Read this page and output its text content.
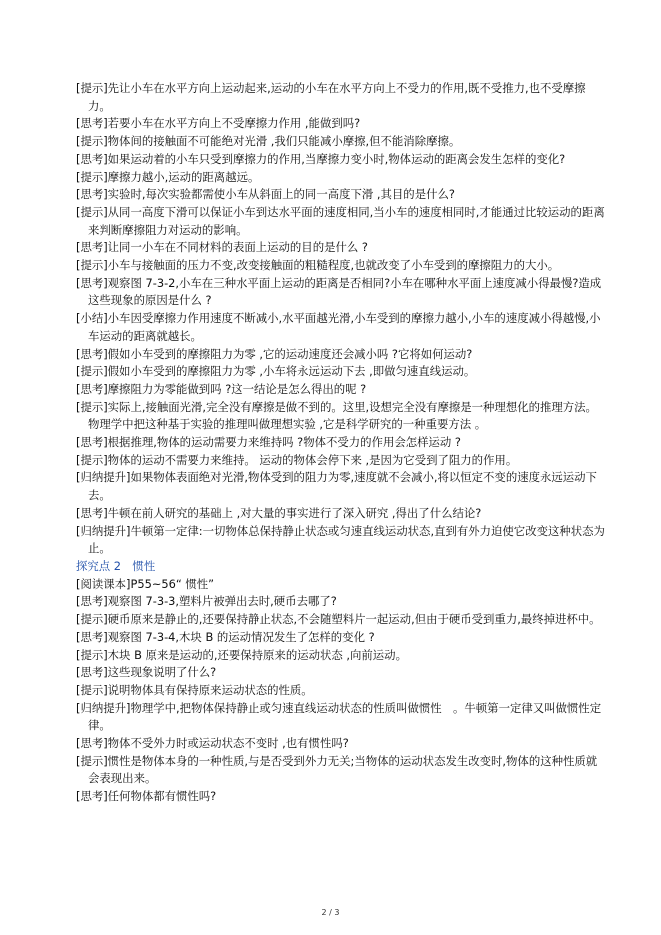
[提示]先让小车在水平方向上运动起来,运动的小车在水平方向上不受力的作用,既不受推力,也不受摩擦力。
[思考]若要小车在水平方向上不受摩擦力作用 ,能做到吗?
[提示]物体间的接触面不可能绝对光滑 ,我们只能减小摩擦,但不能消除摩擦。
[思考]如果运动着的小车只受到摩擦力的作用,当摩擦力变小时,物体运动的距离会发生怎样的变化?
[提示]摩擦力越小,运动的距离越远。
[思考]实验时,每次实验都需使小车从斜面上的同一高度下滑 ,其目的是什么?
[提示]从同一高度下滑可以保证小车到达水平面的速度相同,当小车的速度相同时,才能通过比较运动的距离来判断摩擦阻力对运动的影响。
[思考]让同一小车在不同材料的表面上运动的目的是什么 ?
[提示]小车与接触面的压力不变,改变接触面的粗糙程度,也就改变了小车受到的摩擦阻力的大小。
[思考]观察图 7-3-2,小车在三种水平面上运动的距离是否相同?小车在哪种水平面上速度减小得最慢?造成这些现象的原因是什么 ?
[小结]小车因受摩擦力作用速度不断减小,水平面越光滑,小车受到的摩擦力越小,小车的速度减小得越慢,小车运动的距离就越长。
[思考]假如小车受到的摩擦阻力为零 ,它的运动速度还会减小吗 ?它将如何运动?
[提示]假如小车受到的摩擦阻力为零 ,小车将永远运动下去 ,即做匀速直线运动。
[思考]摩擦阻力为零能做到吗 ?这一结论是怎么得出的呢 ?
[提示]实际上,接触面光滑,完全没有摩擦是做不到的。这里,设想完全没有摩擦是一种理想化的推理方法。物理学中把这种基于实验的推理叫做理想实验 ,它是科学研究的一种重要方法 。
[思考]根据推理,物体的运动需要力来维持吗 ?物体不受力的作用会怎样运动 ?
[提示]物体的运动不需要力来维持。 运动的物体会停下来 ,是因为它受到了阻力的作用。
[归纳提升]如果物体表面绝对光滑,物体受到的阻力为零,速度就不会减小,将以恒定不变的速度永远运动下去。
[思考]牛顿在前人研究的基础上 ,对大量的事实进行了深入研究 ,得出了什么结论?
[归纳提升]牛顿第一定律:一切物体总保持静止状态或匀速直线运动状态,直到有外力迫使它改变这种状态为止。
探究点 2　惯性
[阅读课本]P55~56“ 惯性”
[思考]观察图 7-3-3,塑料片被弹出去时,硬币去哪了?
[提示]硬币原来是静止的,还要保持静止状态,不会随塑料片一起运动,但由于硬币受到重力,最终掉进杯中。
[思考]观察图 7-3-4,木块 B 的运动情况发生了怎样的变化 ?
[提示]木块 B 原来是运动的,还要保持原来的运动状态 ,向前运动。
[思考]这些现象说明了什么?
[提示]说明物体具有保持原来运动状态的性质。
[归纳提升]物理学中,把物体保持静止或匀速直线运动状态的性质叫做惯性　。牛顿第一定律又叫做惯性定律。
[思考]物体不受外力时或运动状态不变时 ,也有惯性吗?
[提示]惯性是物体本身的一种性质,与是否受到外力无关;当物体的运动状态发生改变时,物体的这种性质就会表现出来。
[思考]任何物体都有惯性吗?
2 / 3
